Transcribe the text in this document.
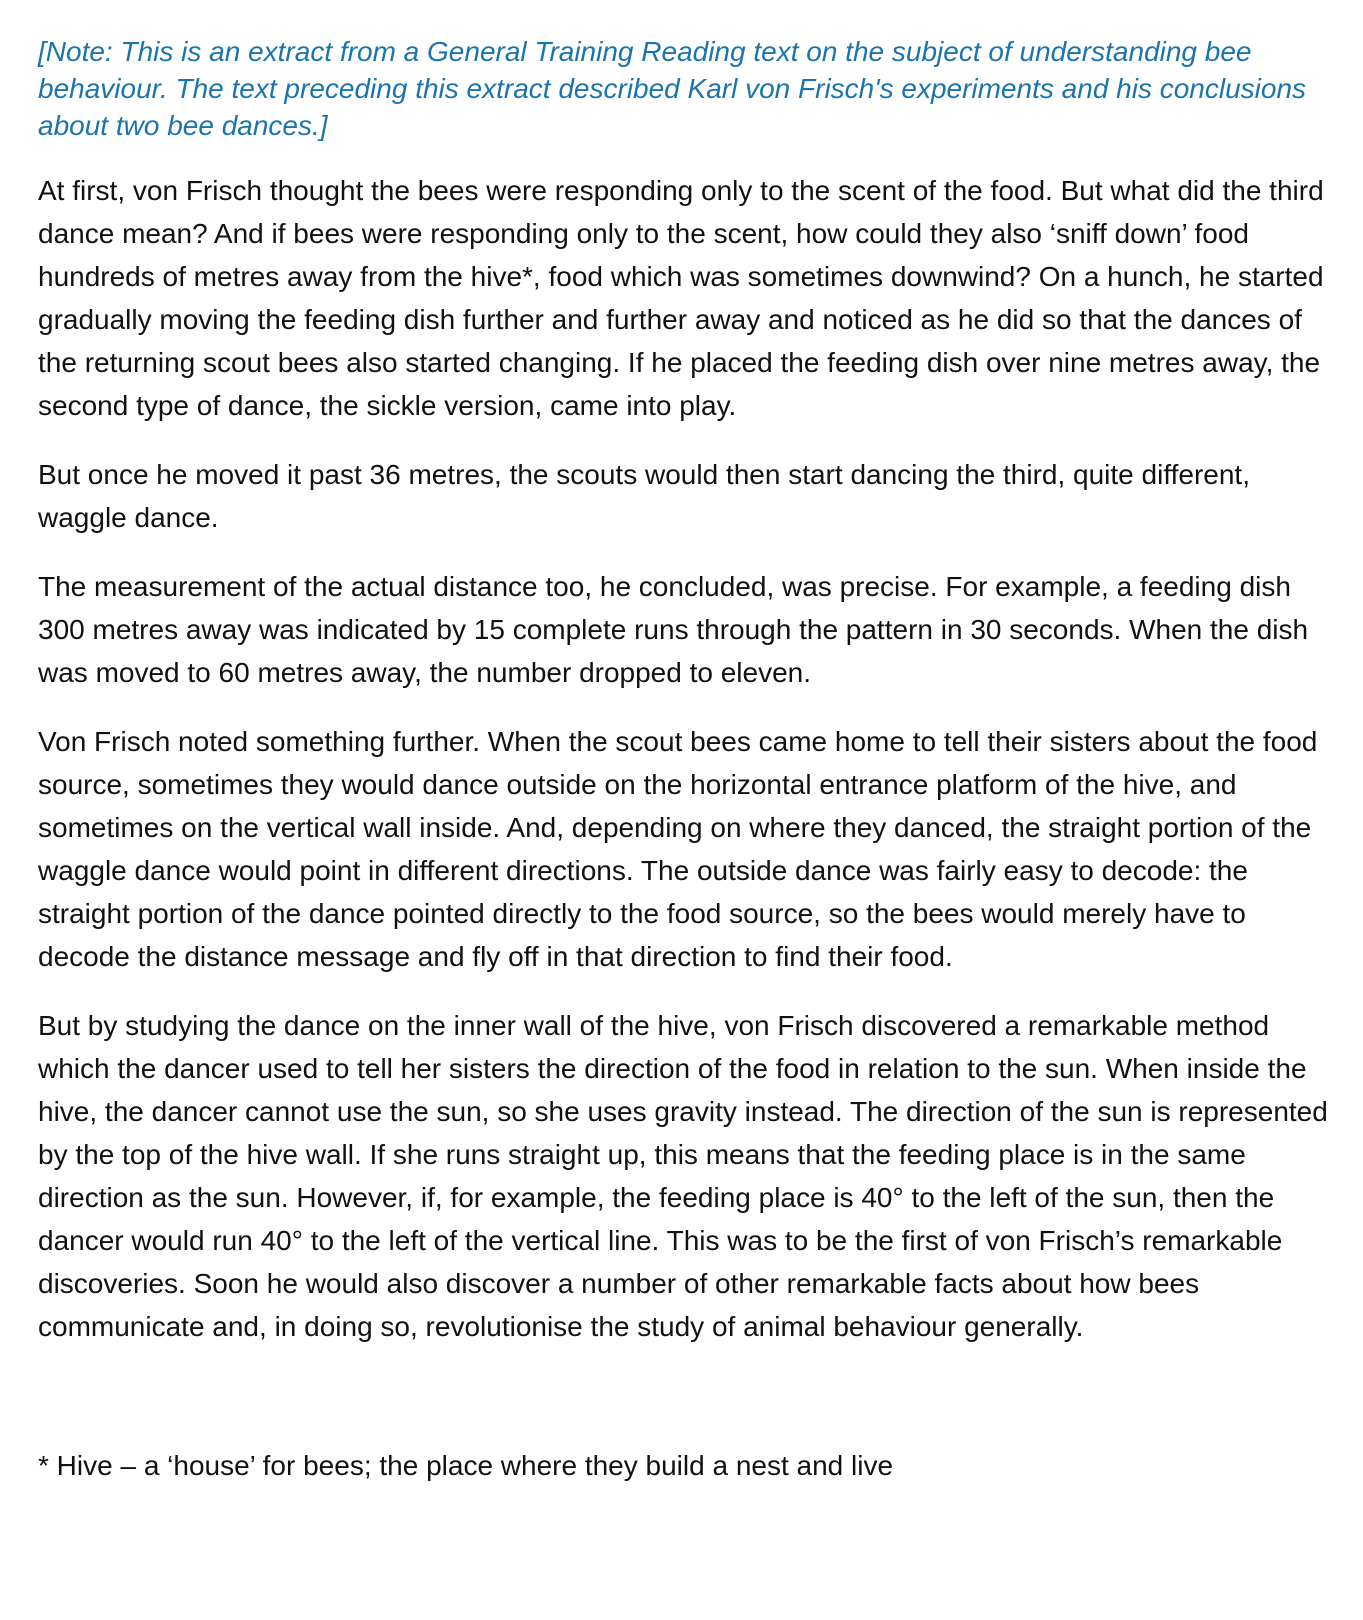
[Note: This is an extract from a General Training Reading text on the subject of understanding bee behaviour. The text preceding this extract described Karl von Frisch's experiments and his conclusions about two bee dances.]

At first, von Frisch thought the bees were responding only to the scent of the food. But what did the third dance mean? And if bees were responding only to the scent, how could they also ‘sniff down’ food hundreds of metres away from the hive*, food which was sometimes downwind? On a hunch, he started gradually moving the feeding dish further and further away and noticed as he did so that the dances of the returning scout bees also started changing. If he placed the feeding dish over nine metres away, the second type of dance, the sickle version, came into play.

But once he moved it past 36 metres, the scouts would then start dancing the third, quite different, waggle dance.

The measurement of the actual distance too, he concluded, was precise. For example, a feeding dish 300 metres away was indicated by 15 complete runs through the pattern in 30 seconds. When the dish was moved to 60 metres away, the number dropped to eleven.

Von Frisch noted something further. When the scout bees came home to tell their sisters about the food source, sometimes they would dance outside on the horizontal entrance platform of the hive, and sometimes on the vertical wall inside. And, depending on where they danced, the straight portion of the waggle dance would point in different directions. The outside dance was fairly easy to decode: the straight portion of the dance pointed directly to the food source, so the bees would merely have to decode the distance message and fly off in that direction to find their food.

But by studying the dance on the inner wall of the hive, von Frisch discovered a remarkable method which the dancer used to tell her sisters the direction of the food in relation to the sun. When inside the hive, the dancer cannot use the sun, so she uses gravity instead. The direction of the sun is represented by the top of the hive wall. If she runs straight up, this means that the feeding place is in the same direction as the sun. However, if, for example, the feeding place is 40° to the left of the sun, then the dancer would run 40° to the left of the vertical line. This was to be the first of von Frisch’s remarkable discoveries. Soon he would also discover a number of other remarkable facts about how bees communicate and, in doing so, revolutionise the study of animal behaviour generally.

* Hive – a ‘house’ for bees; the place where they build a nest and live
